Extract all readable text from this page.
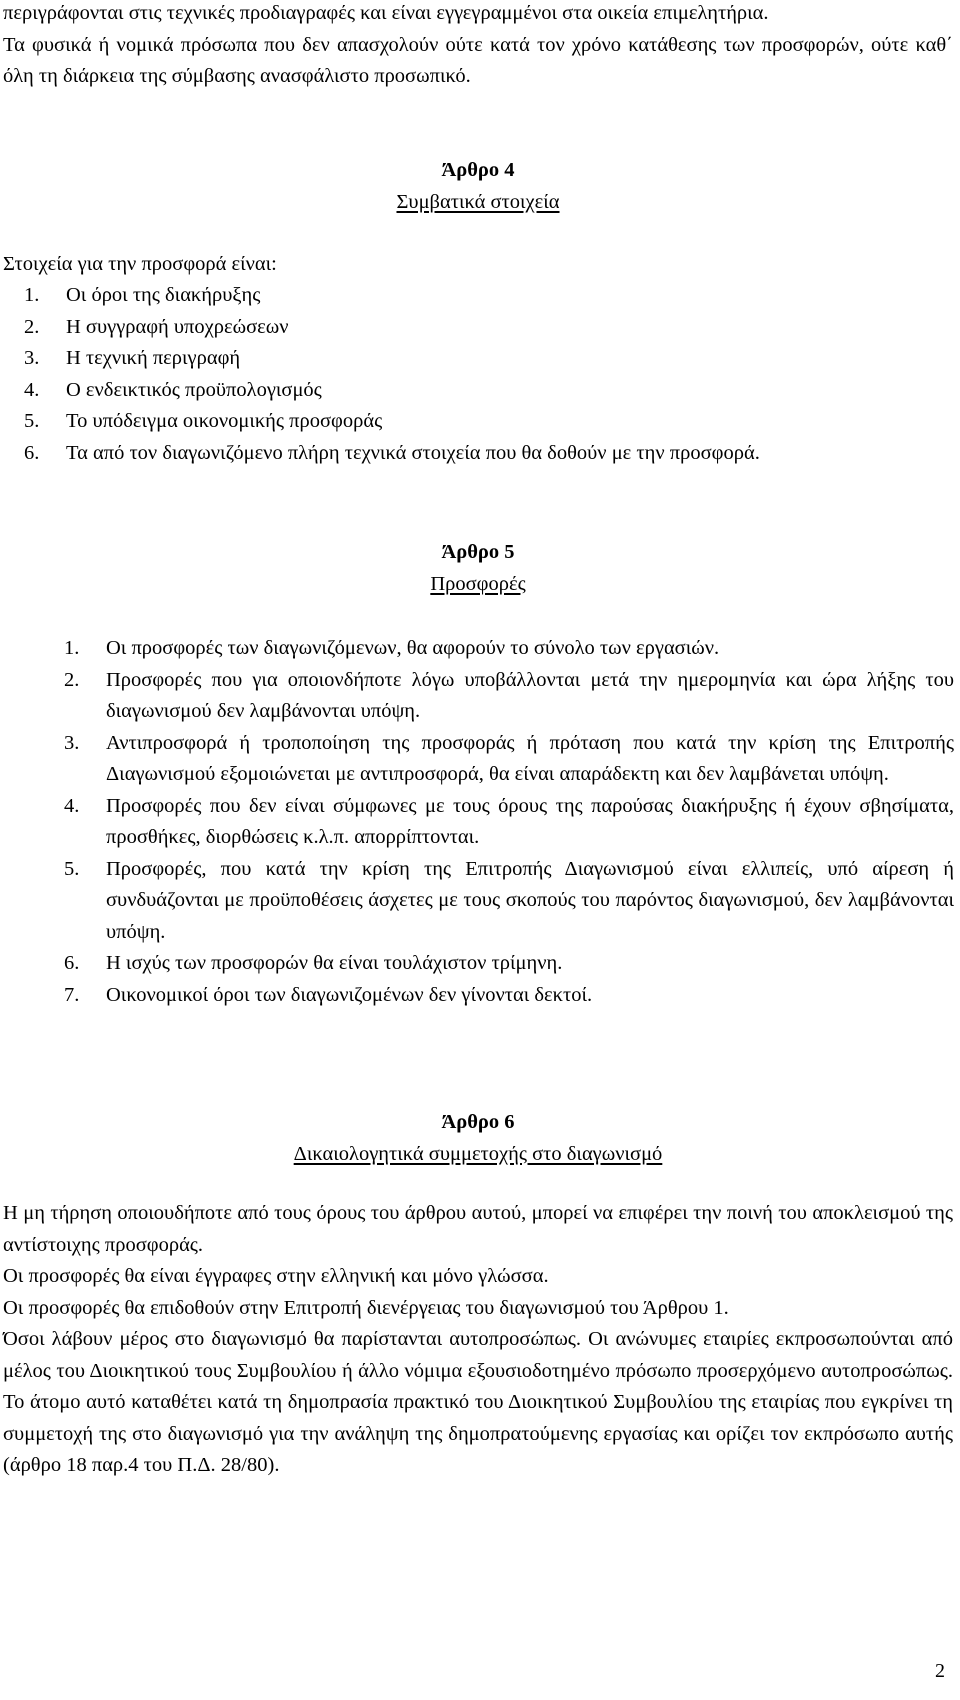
περιγράφονται στις τεχνικές προδιαγραφές και είναι εγγεγραμμένοι στα οικεία επιμελητήρια.

Τα φυσικά ή νομικά πρόσωπα που δεν απασχολούν ούτε κατά τον χρόνο κατάθεσης των προσφορών, ούτε καθ΄ όλη τη διάρκεια της σύμβασης ανασφάλιστο προσωπικό.

Άρθρο 4

Συμβατικά στοιχεία

Στοιχεία για την προσφορά είναι:

1. Οι όροι της διακήρυξης
2. Η συγγραφή υποχρεώσεων
3. Η τεχνική περιγραφή
4. Ο ενδεικτικός προϋπολογισμός
5. Το υπόδειγμα οικονομικής προσφοράς
6. Τα από τον διαγωνιζόμενο πλήρη τεχνικά στοιχεία που θα δοθούν με την προσφορά.

Άρθρο 5

Προσφορές

1. Οι προσφορές των διαγωνιζόμενων, θα αφορούν το σύνολο των εργασιών.
2. Προσφορές που για οποιονδήποτε λόγω υποβάλλονται μετά την ημερομηνία και ώρα λήξης του διαγωνισμού δεν λαμβάνονται υπόψη.
3. Αντιπροσφορά ή τροποποίηση της προσφοράς ή πρόταση που κατά την κρίση της Επιτροπής Διαγωνισμού εξομοιώνεται με αντιπροσφορά, θα είναι απαράδεκτη και δεν λαμβάνεται υπόψη.
4. Προσφορές που δεν είναι σύμφωνες με τους όρους της παρούσας διακήρυξης ή έχουν σβησίματα, προσθήκες, διορθώσεις κ.λ.π. απορρίπτονται.
5. Προσφορές, που κατά την κρίση της Επιτροπής Διαγωνισμού είναι ελλιπείς, υπό αίρεση ή συνδυάζονται με προϋποθέσεις άσχετες με τους σκοπούς του παρόντος διαγωνισμού, δεν λαμβάνονται υπόψη.
6. Η ισχύς των προσφορών θα είναι τουλάχιστον τρίμηνη.
7. Οικονομικοί όροι των διαγωνιζομένων δεν γίνονται δεκτοί.

Άρθρο 6

Δικαιολογητικά συμμετοχής στο διαγωνισμό

Η μη τήρηση οποιουδήποτε από τους όρους του άρθρου αυτού, μπορεί να επιφέρει την ποινή του αποκλεισμού της αντίστοιχης προσφοράς.

Οι προσφορές θα είναι έγγραφες στην ελληνική και μόνο γλώσσα.

Οι προσφορές θα επιδοθούν στην Επιτροπή διενέργειας του διαγωνισμού του Άρθρου 1.

Όσοι λάβουν μέρος στο διαγωνισμό θα παρίστανται αυτοπροσώπως. Οι ανώνυμες εταιρίες εκπροσωπούνται από μέλος του Διοικητικού τους Συμβουλίου ή άλλο νόμιμα εξουσιοδοτημένο πρόσωπο προσερχόμενο αυτοπροσώπως. Το άτομο αυτό καταθέτει κατά τη δημοπρασία πρακτικό του Διοικητικού Συμβουλίου της εταιρίας που εγκρίνει τη συμμετοχή της στο διαγωνισμό για την ανάληψη της δημοπρατούμενης εργασίας και ορίζει τον εκπρόσωπο αυτής (άρθρο 18 παρ.4 του Π.Δ. 28/80).

2
